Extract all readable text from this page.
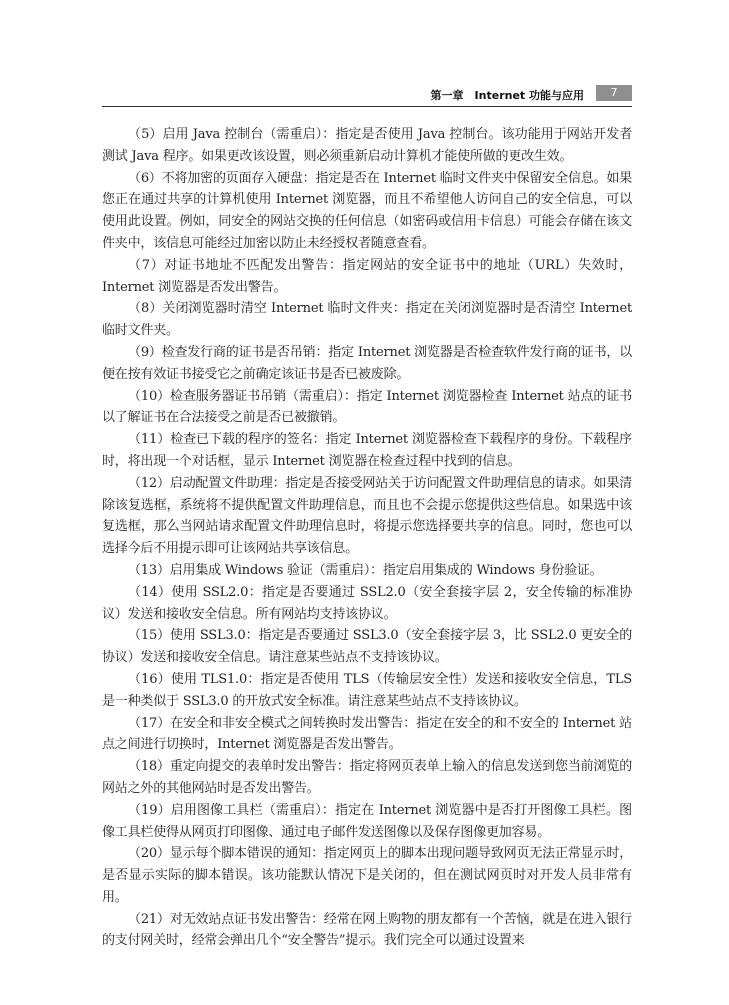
第一章　Internet 功能与应用	7

（5）启用 Java 控制台（需重启）：指定是否使用 Java 控制台。该功能用于网站开发者测试 Java 程序。如果更改该设置，则必须重新启动计算机才能使所做的更改生效。

（6）不将加密的页面存入硬盘：指定是否在 Internet 临时文件夹中保留安全信息。如果您正在通过共享的计算机使用 Internet 浏览器，而且不希望他人访问自己的安全信息，可以使用此设置。例如，同安全的网站交换的任何信息（如密码或信用卡信息）可能会存储在该文件夹中，该信息可能经过加密以防止未经授权者随意查看。

（7）对证书地址不匹配发出警告：指定网站的安全证书中的地址（URL）失效时，Internet 浏览器是否发出警告。

（8）关闭浏览器时清空 Internet 临时文件夹：指定在关闭浏览器时是否清空 Internet 临时文件夹。

（9）检查发行商的证书是否吊销：指定 Internet 浏览器是否检查软件发行商的证书，以便在按有效证书接受它之前确定该证书是否已被废除。

（10）检查服务器证书吊销（需重启）：指定 Internet 浏览器检查 Internet 站点的证书以了解证书在合法接受之前是否已被撤销。

（11）检查已下载的程序的签名：指定 Internet 浏览器检查下载程序的身份。下载程序时，将出现一个对话框，显示 Internet 浏览器在检查过程中找到的信息。

（12）启动配置文件助理：指定是否接受网站关于访问配置文件助理信息的请求。如果清除该复选框，系统将不提供配置文件助理信息，而且也不会提示您提供这些信息。如果选中该复选框，那么当网站请求配置文件助理信息时，将提示您选择要共享的信息。同时，您也可以选择今后不用提示即可让该网站共享该信息。

（13）启用集成 Windows 验证（需重启）：指定启用集成的 Windows 身份验证。

（14）使用 SSL2.0：指定是否要通过 SSL2.0（安全套接字层 2，安全传输的标准协议）发送和接收安全信息。所有网站均支持该协议。

（15）使用 SSL3.0：指定是否要通过 SSL3.0（安全套接字层 3，比 SSL2.0 更安全的协议）发送和接收安全信息。请注意某些站点不支持该协议。

（16）使用 TLS1.0：指定是否使用 TLS（传输层安全性）发送和接收安全信息，TLS 是一种类似于 SSL3.0 的开放式安全标准。请注意某些站点不支持该协议。

（17）在安全和非安全模式之间转换时发出警告：指定在安全的和不安全的 Internet 站点之间进行切换时，Internet 浏览器是否发出警告。

（18）重定向提交的表单时发出警告：指定将网页表单上输入的信息发送到您当前浏览的网站之外的其他网站时是否发出警告。

（19）启用图像工具栏（需重启）：指定在 Internet 浏览器中是否打开图像工具栏。图像工具栏使得从网页打印图像、通过电子邮件发送图像以及保存图像更加容易。

（20）显示每个脚本错误的通知：指定网页上的脚本出现问题导致网页无法正常显示时，是否显示实际的脚本错误。该功能默认情况下是关闭的，但在测试网页时对开发人员非常有用。

（21）对无效站点证书发出警告：经常在网上购物的朋友都有一个苦恼，就是在进入银行的支付网关时，经常会弹出几个“安全警告”提示。我们完全可以通过设置来
